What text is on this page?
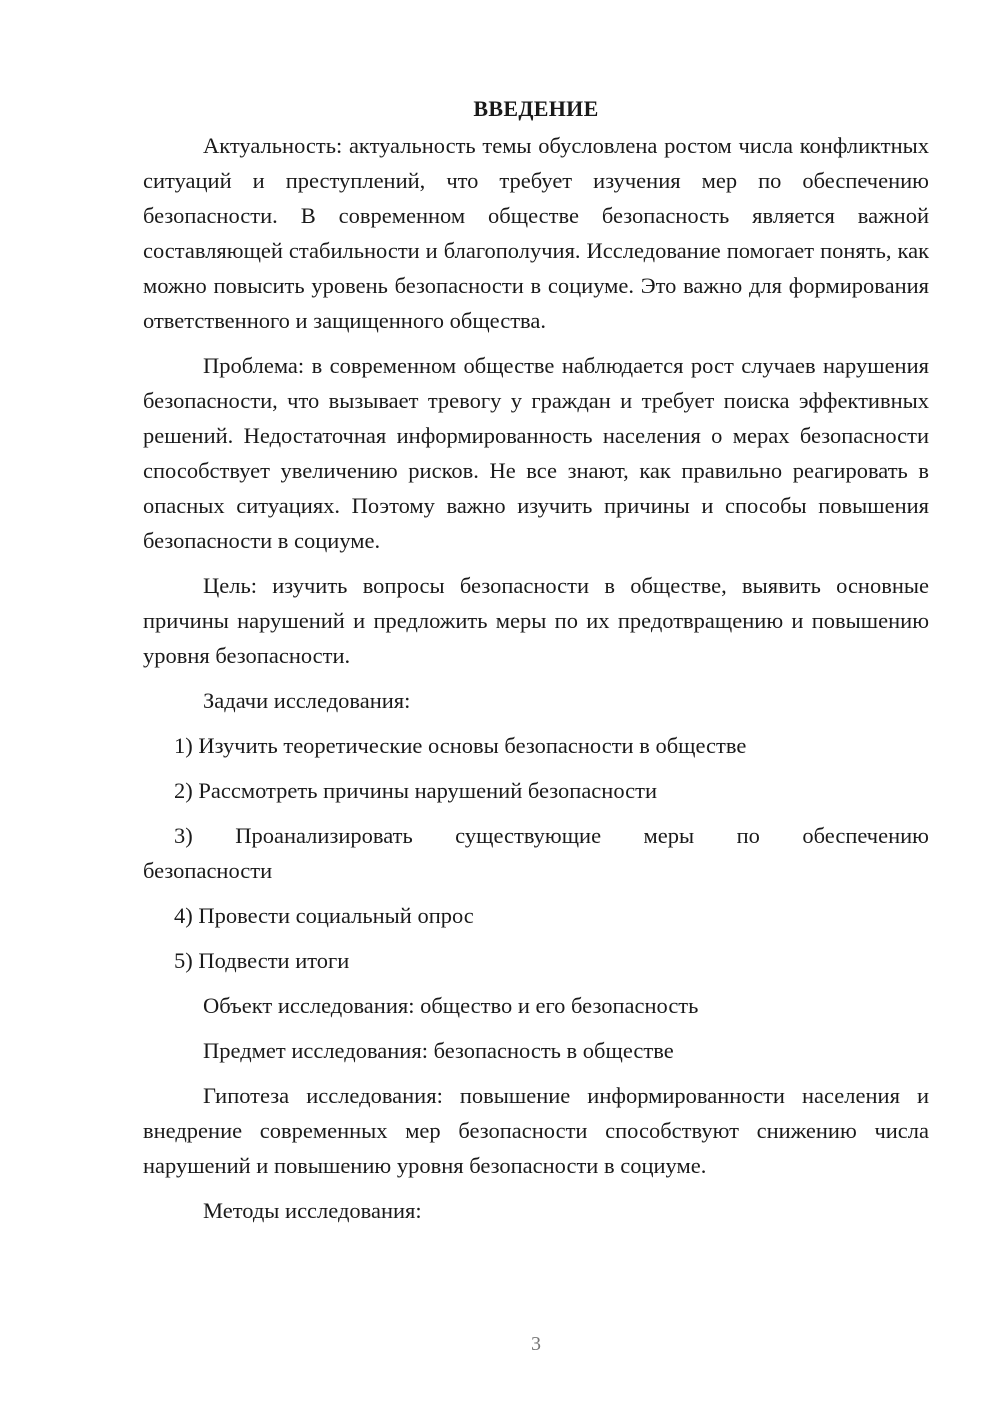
ВВЕДЕНИЕ

Актуальность: актуальность темы обусловлена ростом числа конфликтных ситуаций и преступлений, что требует изучения мер по обеспечению безопасности. В современном обществе безопасность является важной составляющей стабильности и благополучия. Исследование помогает понять, как можно повысить уровень безопасности в социуме. Это важно для формирования ответственного и защищенного общества.

Проблема: в современном обществе наблюдается рост случаев нарушения безопасности, что вызывает тревогу у граждан и требует поиска эффективных решений. Недостаточная информированность населения о мерах безопасности способствует увеличению рисков. Не все знают, как правильно реагировать в опасных ситуациях. Поэтому важно изучить причины и способы повышения безопасности в социуме.

Цель: изучить вопросы безопасности в обществе, выявить основные причины нарушений и предложить меры по их предотвращению и повышению уровня безопасности.

Задачи исследования:

1) Изучить теоретические основы безопасности в обществе

2) Рассмотреть причины нарушений безопасности

3) Проанализировать существующие меры по обеспечению
безопасности

4) Провести социальный опрос

5) Подвести итоги

Объект исследования: общество и его безопасность

Предмет исследования: безопасность в обществе

Гипотеза исследования: повышение информированности населения и внедрение современных мер безопасности способствуют снижению числа нарушений и повышению уровня безопасности в социуме.

Методы исследования:

3
